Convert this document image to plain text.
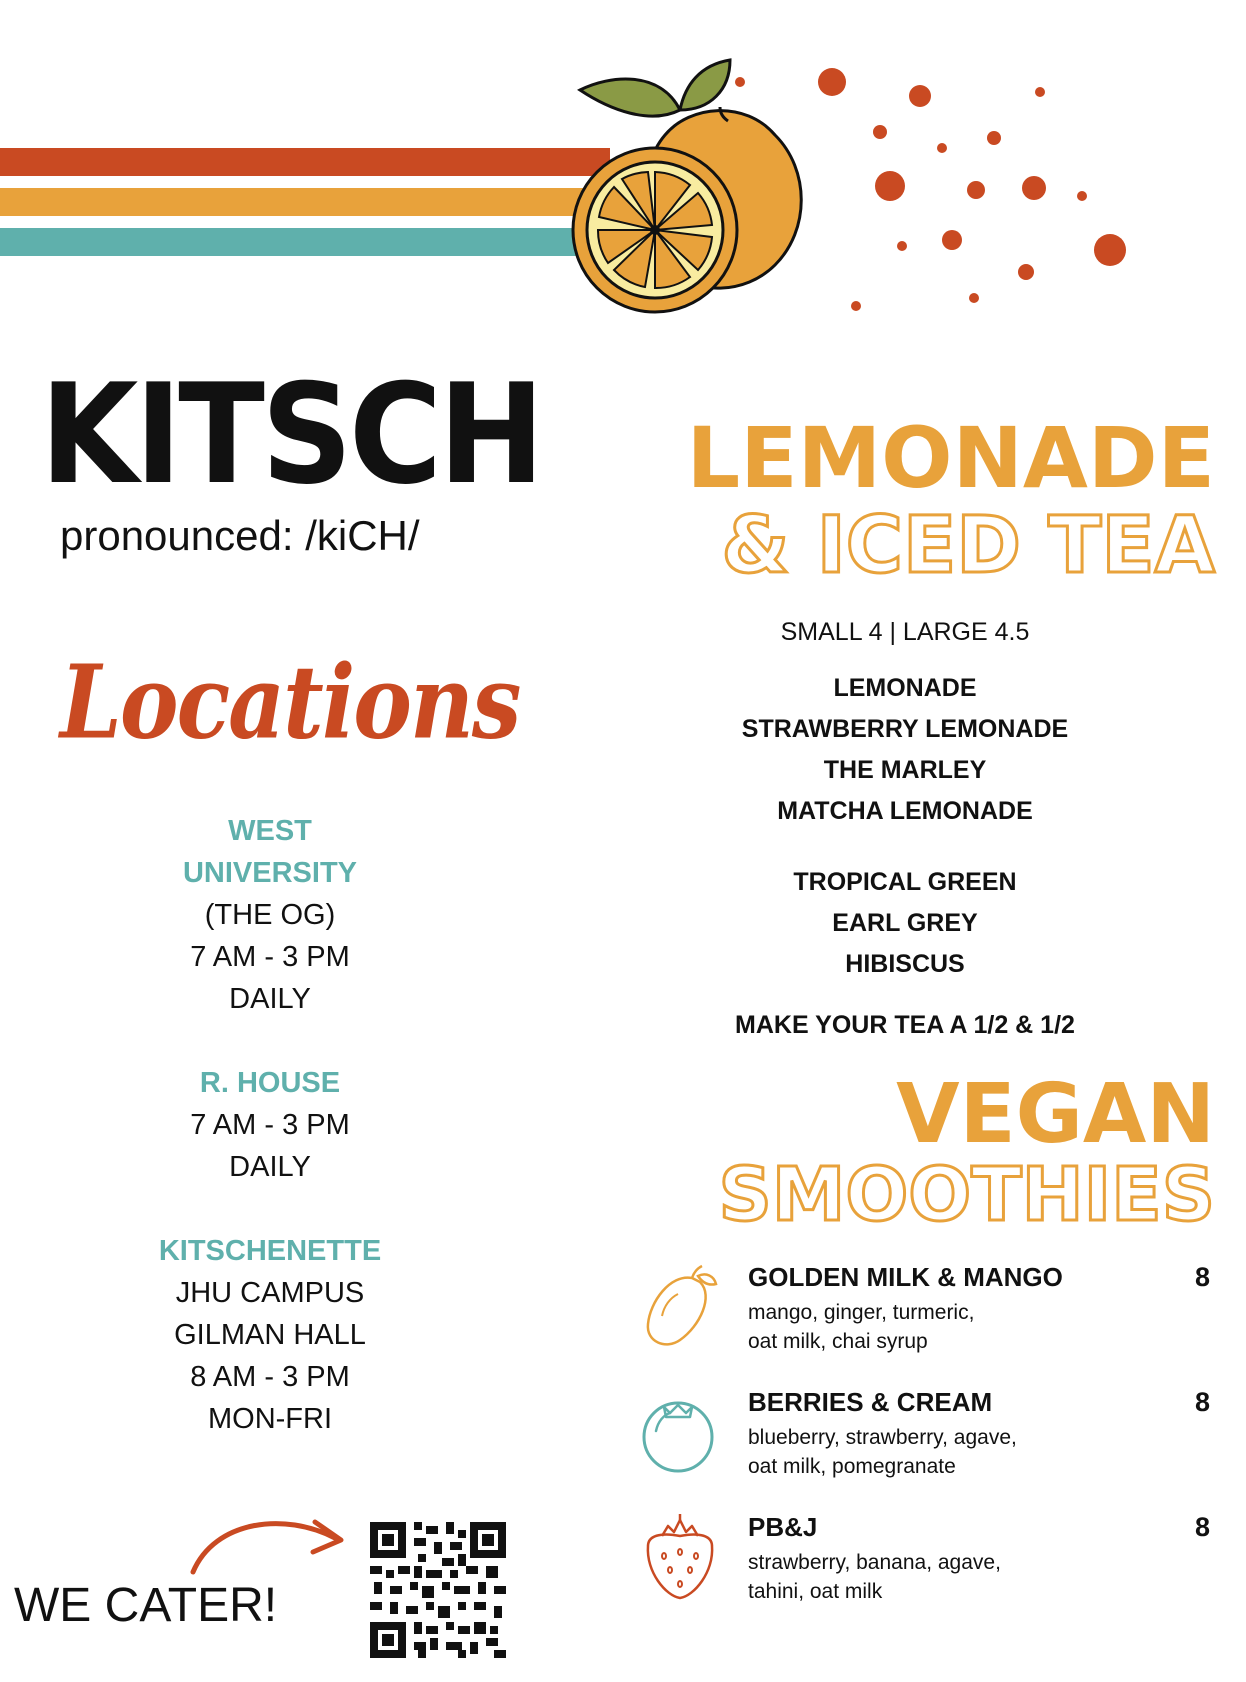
KITSCH
pronounced: /kiCH/
Locations
WEST
UNIVERSITY
(THE OG)
7 AM - 3 PM
DAILY
R. HOUSE
7 AM - 3 PM
DAILY
KITSCHENETTE
JHU CAMPUS
GILMAN HALL
8 AM - 3 PM
MON-FRI
WE CATER!
LEMONADE
& ICED TEA
SMALL 4 | LARGE 4.5
LEMONADE
STRAWBERRY LEMONADE
THE MARLEY
MATCHA LEMONADE
TROPICAL GREEN
EARL GREY
HIBISCUS
MAKE YOUR TEA A 1/2 & 1/2
VEGAN
SMOOTHIES
GOLDEN MILK & MANGO	8
mango, ginger, turmeric,
oat milk, chai syrup
BERRIES & CREAM	8
blueberry, strawberry, agave,
oat milk, pomegranate
PB&J	8
strawberry, banana, agave,
tahini, oat milk
